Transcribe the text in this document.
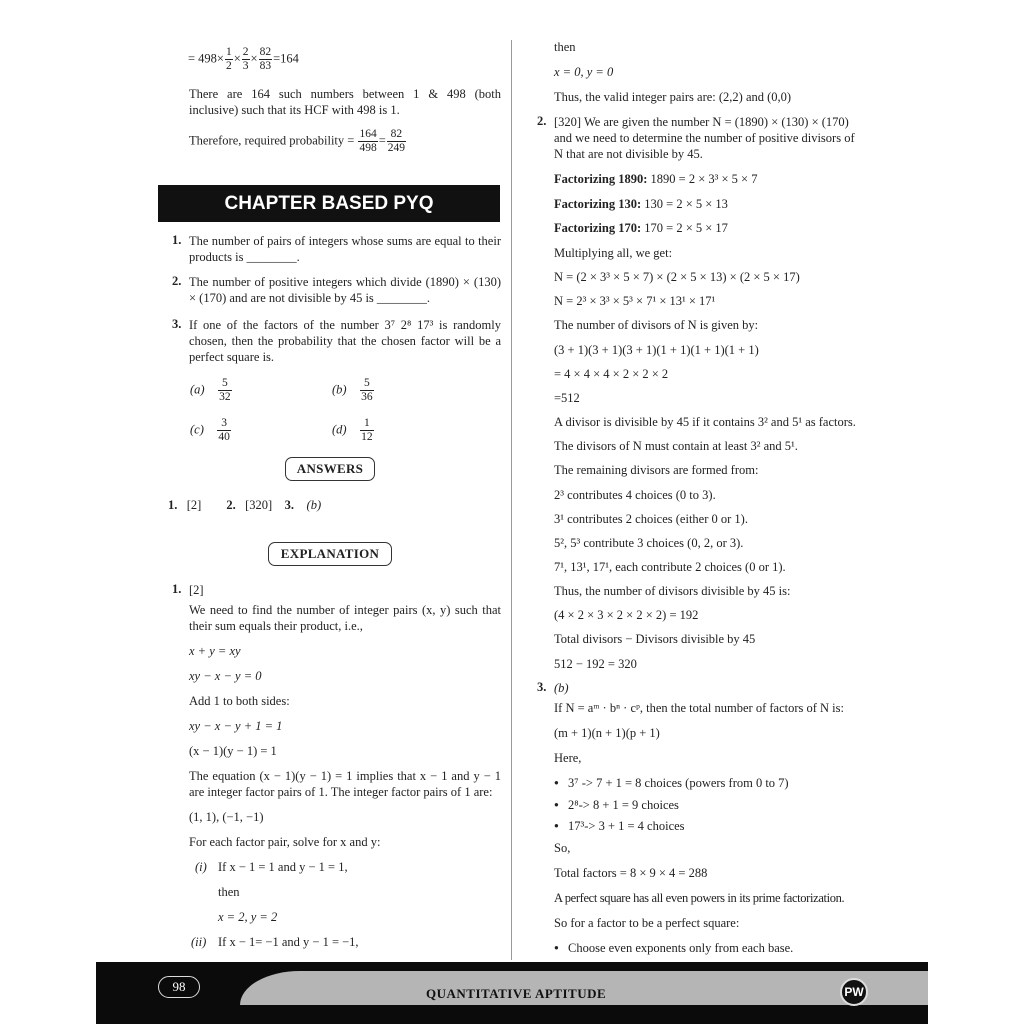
= $498\times \frac{1}{2} \times \frac{2}{3} \times \frac{82}{83} =164$
There are 164 such numbers between 1 & 498 (both inclusive) such that its HCF with 498 is 1.
Therefore, required probability = $\frac{164}{498} = \frac{82}{249}$
CHAPTER BASED PYQ
1. The number of pairs of integers whose sums are equal to their products is ________.
2. The number of positive integers which divide (1890) × (130) × (170) and are not divisible by 45 is ________.
3. If one of the factors of the number 3⁷ 2⁸ 17³ is randomly chosen, then the probability that the chosen factor will be a perfect square is.
$(a) \frac{5}{32}$	$(b) \frac{5}{36}$
$(c) \frac{3}{40}$	$(d) \frac{1}{12}$
ANSWERS
1. [2] 2. [320] 3. (b)
EXPLANATION
1. [2]
We need to find the number of integer pairs (x, y) such that their sum equals their product, i.e.,
x + y = xy
xy − x − y = 0
Add 1 to both sides:
xy − x − y + 1 = 1
(x − 1)(y − 1) = 1
The equation (x − 1)(y − 1) = 1 implies that x − 1 and y − 1 are integer factor pairs of 1. The integer factor pairs of 1 are:
(1, 1), (−1, −1)
For each factor pair, solve for x and y:
(i) If x − 1 = 1 and y − 1 = 1,
then
x = 2, y = 2
(ii) If x − 1= −1 and y − 1 = −1,
then
x = 0, y = 0
Thus, the valid integer pairs are: (2,2) and (0,0)
2. [320] We are given the number N = (1890) × (130) × (170) and we need to determine the number of positive divisors of N that are not divisible by 45.
Factorizing 1890: 1890 = 2 × 3³ × 5 × 7
Factorizing 130: 130 = 2 × 5 × 13
Factorizing 170: 170 = 2 × 5 × 17
Multiplying all, we get:
N = (2 × 3³ × 5 × 7) × (2 × 5 × 13) × (2 × 5 × 17)
N = 2³ × 3³ × 5³ × 7¹ × 13¹ × 17¹
The number of divisors of N is given by:
(3 + 1)(3 + 1)(3 + 1)(1 + 1)(1 + 1)(1 + 1)
= 4 × 4 × 4 × 2 × 2 × 2
=512
A divisor is divisible by 45 if it contains 3² and 5¹ as factors.
The divisors of N must contain at least 3² and 5¹.
The remaining divisors are formed from:
2³ contributes 4 choices (0 to 3).
3¹ contributes 2 choices (either 0 or 1).
5², 5³ contribute 3 choices (0, 2, or 3).
7¹, 13¹, 17¹, each contribute 2 choices (0 or 1).
Thus, the number of divisors divisible by 45 is:
(4 × 2 × 3 × 2 × 2 × 2) = 192
Total divisors − Divisors divisible by 45
512 − 192 = 320
3. (b)
If N = aᵐ · bⁿ · cᵖ, then the total number of factors of N is:
(m + 1)(n + 1)(p + 1)
Here,
● 3⁷ -> 7 + 1 = 8 choices (powers from 0 to 7)
● 2⁸-> 8 + 1 = 9 choices
● 17³-> 3 + 1 = 4 choices
So,
Total factors = 8 × 9 × 4 = 288
A perfect square has all even powers in its prime factorization.
So for a factor to be a perfect square:
● Choose even exponents only from each base.
98	QUANTITATIVE APTITUDE	PW
